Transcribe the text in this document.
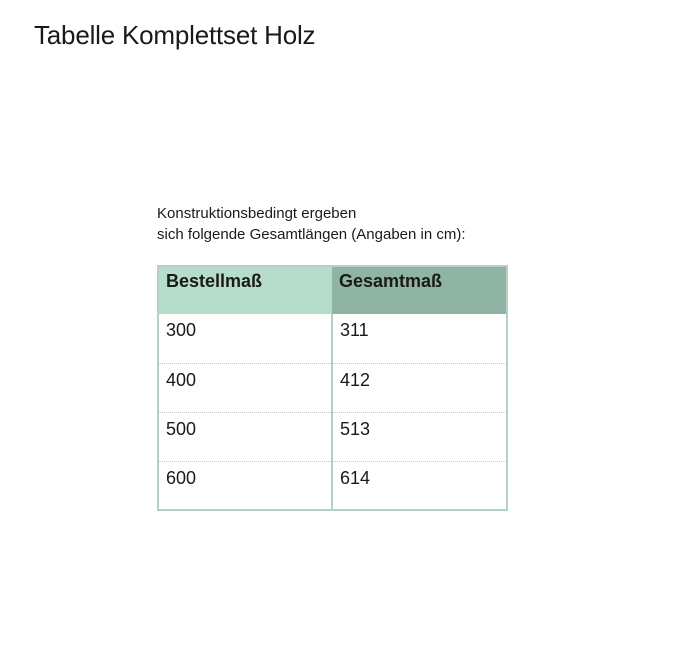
Tabelle Komplettset Holz
Konstruktionsbedingt ergeben
sich folgende Gesamtlängen (Angaben in cm):
Bestellmaß	Gesamtmaß
300	311
400	412
500	513
600	614
